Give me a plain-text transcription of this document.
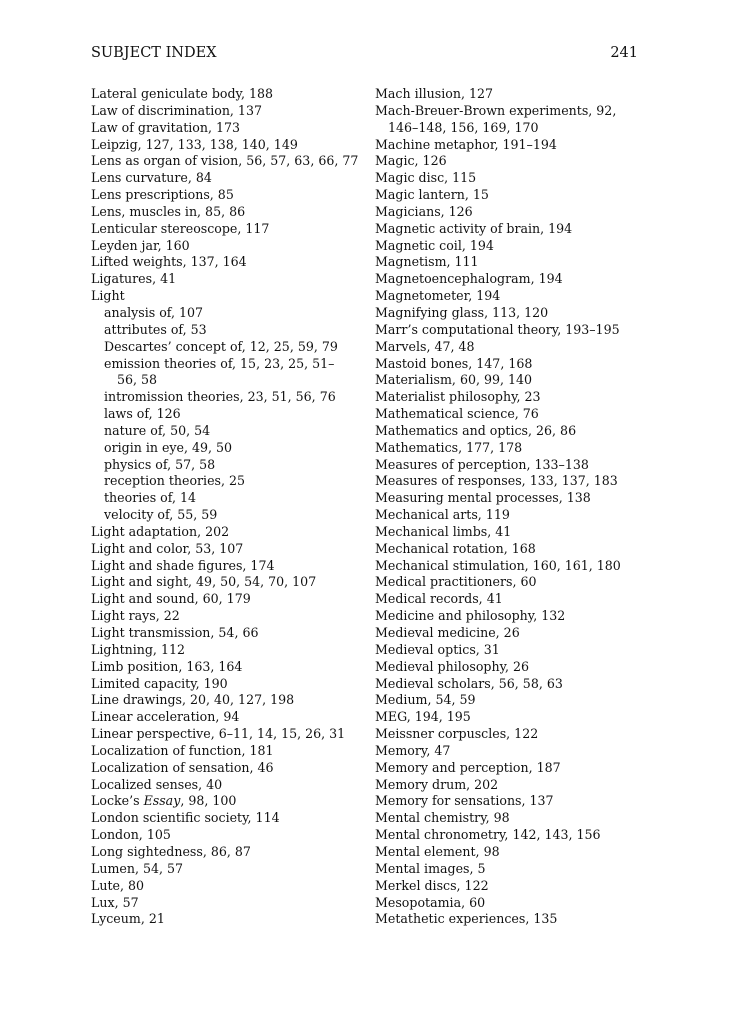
SUBJECT INDEX	241
Lateral geniculate body, 188
Law of discrimination, 137
Law of gravitation, 173
Leipzig, 127, 133, 138, 140, 149
Lens as organ of vision, 56, 57, 63, 66, 77
Lens curvature, 84
Lens prescriptions, 85
Lens, muscles in, 85, 86
Lenticular stereoscope, 117
Leyden jar, 160
Lifted weights, 137, 164
Ligatures, 41
Light
analysis of, 107
attributes of, 53
Descartes’ concept of, 12, 25, 59, 79
emission theories of, 15, 23, 25, 51–56, 58
intromission theories, 23, 51, 56, 76
laws of, 126
nature of, 50, 54
origin in eye, 49, 50
physics of, 57, 58
reception theories, 25
theories of, 14
velocity of, 55, 59
Light adaptation, 202
Light and color, 53, 107
Light and shade figures, 174
Light and sight, 49, 50, 54, 70, 107
Light and sound, 60, 179
Light rays, 22
Light transmission, 54, 66
Lightning, 112
Limb position, 163, 164
Limited capacity, 190
Line drawings, 20, 40, 127, 198
Linear acceleration, 94
Linear perspective, 6–11, 14, 15, 26, 31
Localization of function, 181
Localization of sensation, 46
Localized senses, 40
Locke’s Essay, 98, 100
London scientific society, 114
London, 105
Long sightedness, 86, 87
Lumen, 54, 57
Lute, 80
Lux, 57
Lyceum, 21
Mach illusion, 127
Mach-Breuer-Brown experiments, 92, 146–148, 156, 169, 170
Machine metaphor, 191–194
Magic, 126
Magic disc, 115
Magic lantern, 15
Magicians, 126
Magnetic activity of brain, 194
Magnetic coil, 194
Magnetism, 111
Magnetoencephalogram, 194
Magnetometer, 194
Magnifying glass, 113, 120
Marr’s computational theory, 193–195
Marvels, 47, 48
Mastoid bones, 147, 168
Materialism, 60, 99, 140
Materialist philosophy, 23
Mathematical science, 76
Mathematics and optics, 26, 86
Mathematics, 177, 178
Measures of perception, 133–138
Measures of responses, 133, 137, 183
Measuring mental processes, 138
Mechanical arts, 119
Mechanical limbs, 41
Mechanical rotation, 168
Mechanical stimulation, 160, 161, 180
Medical practitioners, 60
Medical records, 41
Medicine and philosophy, 132
Medieval medicine, 26
Medieval optics, 31
Medieval philosophy, 26
Medieval scholars, 56, 58, 63
Medium, 54, 59
MEG, 194, 195
Meissner corpuscles, 122
Memory, 47
Memory and perception, 187
Memory drum, 202
Memory for sensations, 137
Mental chemistry, 98
Mental chronometry, 142, 143, 156
Mental element, 98
Mental images, 5
Merkel discs, 122
Mesopotamia, 60
Metathetic experiences, 135
